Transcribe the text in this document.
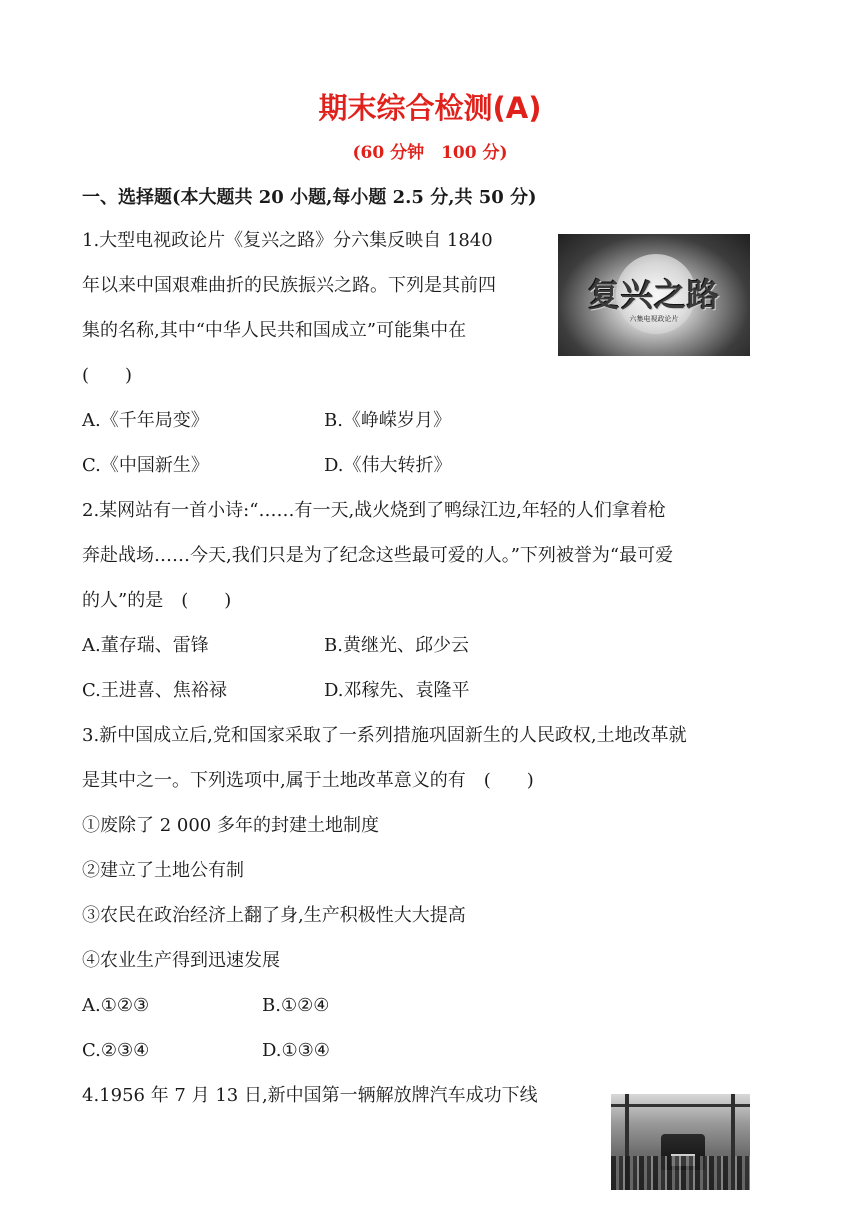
期末综合检测(A)
(60 分钟　100 分)
一、选择题(本大题共 20 小题,每小题 2.5 分,共 50 分)
1.大型电视政论片《复兴之路》分六集反映自 1840
年以来中国艰难曲折的民族振兴之路。下列是其前四
集的名称,其中“中华人民共和国成立”可能集中在
(　　)
复兴之路
六集电视政论片
A.《千年局变》	B.《峥嵘岁月》
C.《中国新生》	D.《伟大转折》
2.某网站有一首小诗:“……有一天,战火烧到了鸭绿江边,年轻的人们拿着枪
奔赴战场……今天,我们只是为了纪念这些最可爱的人。”下列被誉为“最可爱
的人”的是　(　　)
A.董存瑞、雷锋	B.黄继光、邱少云
C.王进喜、焦裕禄	D.邓稼先、袁隆平
3.新中国成立后,党和国家采取了一系列措施巩固新生的人民政权,土地改革就
是其中之一。下列选项中,属于土地改革意义的有　(　　)
①废除了 2 000 多年的封建土地制度
②建立了土地公有制
③农民在政治经济上翻了身,生产积极性大大提高
④农业生产得到迅速发展
A.①②③	B.①②④
C.②③④	D.①③④
4.1956 年 7 月 13 日,新中国第一辆解放牌汽车成功下线
